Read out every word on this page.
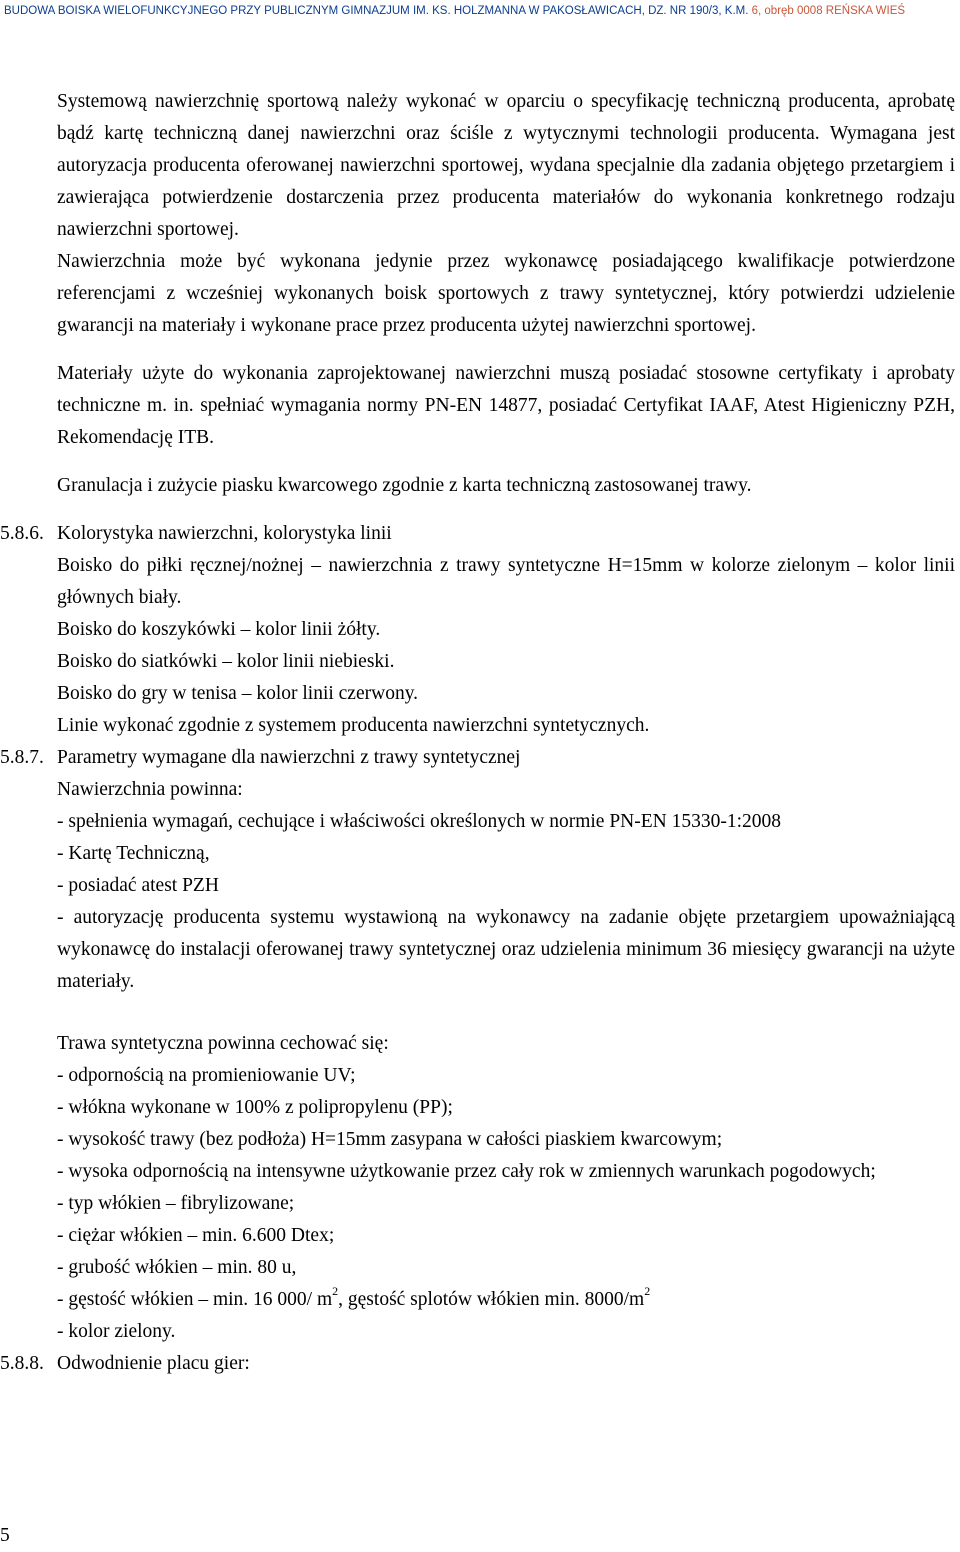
BUDOWA BOISKA WIELOFUNKCYJNEGO PRZY PUBLICZNYM GIMNAZJUM IM. KS. HOLZMANNA W PAKOSŁAWICACH, DZ. NR 190/3, K.M. 6, obręb 0008 REŃSKA WIEŚ

Systemową nawierzchnię sportową należy wykonać w oparciu o specyfikację techniczną producenta, aprobatę bądź kartę techniczną danej nawierzchni oraz ściśle z wytycznymi technologii producenta. Wymagana jest autoryzacja producenta oferowanej nawierzchni sportowej, wydana specjalnie dla zadania objętego przetargiem i zawierająca potwierdzenie dostarczenia przez producenta materiałów do wykonania konkretnego rodzaju nawierzchni sportowej.

Nawierzchnia może być wykonana jedynie przez wykonawcę posiadającego kwalifikacje potwierdzone referencjami z wcześniej wykonanych boisk sportowych z trawy syntetycznej, który potwierdzi udzielenie gwarancji na materiały i wykonane prace przez producenta użytej nawierzchni sportowej.

Materiały użyte do wykonania zaprojektowanej nawierzchni muszą posiadać stosowne certyfikaty i aprobaty techniczne m. in. spełniać wymagania normy PN-EN 14877, posiadać Certyfikat IAAF, Atest Higieniczny PZH, Rekomendację ITB.

Granulacja i zużycie piasku kwarcowego zgodnie z karta techniczną zastosowanej trawy.

5.8.6. Kolorystyka nawierzchni, kolorystyka linii

Boisko do piłki ręcznej/nożnej – nawierzchnia z trawy syntetyczne H=15mm w kolorze zielonym – kolor linii głównych biały.

Boisko do koszykówki – kolor linii żółty.

Boisko do siatkówki – kolor linii niebieski.

Boisko do gry w tenisa – kolor linii czerwony.

Linie wykonać zgodnie z systemem producenta nawierzchni syntetycznych.

5.8.7. Parametry wymagane dla nawierzchni z trawy syntetycznej

Nawierzchnia powinna:

- spełnienia wymagań, cechujące i właściwości określonych w normie PN-EN 15330-1:2008

- Kartę Techniczną,

- posiadać atest PZH

- autoryzację producenta systemu wystawioną na wykonawcy na zadanie objęte przetargiem upoważniającą wykonawcę do instalacji oferowanej trawy syntetycznej oraz udzielenia minimum 36 miesięcy gwarancji na użyte materiały.

Trawa syntetyczna powinna cechować się:

- odpornością na promieniowanie UV;

- włókna wykonane w 100% z polipropylenu (PP);

- wysokość trawy (bez podłoża) H=15mm zasypana w całości piaskiem kwarcowym;

- wysoka odpornością na intensywne użytkowanie przez cały rok w zmiennych warunkach pogodowych;

- typ włókien – fibrylizowane;

- ciężar włókien – min. 6.600 Dtex;

- grubość włókien – min. 80 u,

- gęstość włókien – min. 16 000/ $m^2$, gęstość splotów włókien min. $8000/m^2$

- kolor zielony.

5.8.8. Odwodnienie placu gier:
5
